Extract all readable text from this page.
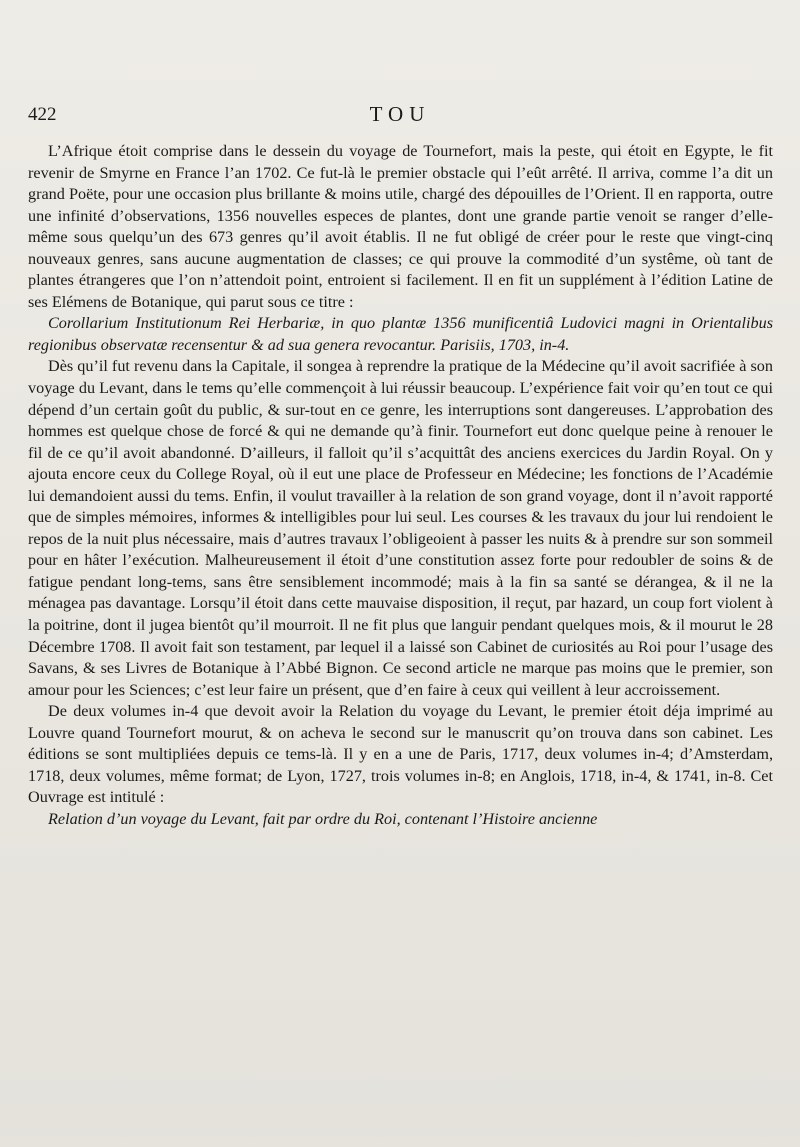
422	TOU

L’Afrique étoit comprise dans le dessein du voyage de Tournefort, mais la peste, qui étoit en Egypte, le fit revenir de Smyrne en France l’an 1702. Ce fut-là le premier obstacle qui l’eût arrêté. Il arriva, comme l’a dit un grand Poëte, pour une occasion plus brillante & moins utile, chargé des dépouilles de l’Orient. Il en rapporta, outre une infinité d’observations, 1356 nouvelles especes de plantes, dont une grande partie venoit se ranger d’elle-même sous quelqu’un des 673 genres qu’il avoit établis. Il ne fut obligé de créer pour le reste que vingt-cinq nouveaux genres, sans aucune augmentation de classes; ce qui prouve la commodité d’un systême, où tant de plantes étrangeres que l’on n’attendoit point, entroient si facilement. Il en fit un supplément à l’édition Latine de ses Elémens de Botanique, qui parut sous ce titre :

Corollarium Institutionum Rei Herbariæ, in quo plantæ 1356 munificentiâ Ludovici magni in Orientalibus regionibus observatæ recensentur & ad sua genera revocantur. Parisiis, 1703, in-4.

Dès qu’il fut revenu dans la Capitale, il songea à reprendre la pratique de la Médecine qu’il avoit sacrifiée à son voyage du Levant, dans le tems qu’elle commençoit à lui réussir beaucoup. L’expérience fait voir qu’en tout ce qui dépend d’un certain goût du public, & sur-tout en ce genre, les interruptions sont dangereuses. L’approbation des hommes est quelque chose de forcé & qui ne demande qu’à finir. Tournefort eut donc quelque peine à renouer le fil de ce qu’il avoit abandonné. D’ailleurs, il falloit qu’il s’acquittât des anciens exercices du Jardin Royal. On y ajouta encore ceux du College Royal, où il eut une place de Professeur en Médecine; les fonctions de l’Académie lui demandoient aussi du tems. Enfin, il voulut travailler à la relation de son grand voyage, dont il n’avoit rapporté que de simples mémoires, informes & intelligibles pour lui seul. Les courses & les travaux du jour lui rendoient le repos de la nuit plus nécessaire, mais d’autres travaux l’obligeoient à passer les nuits & à prendre sur son sommeil pour en hâter l’exécution. Malheureusement il étoit d’une constitution assez forte pour redoubler de soins & de fatigue pendant long-tems, sans être sensiblement incommodé; mais à la fin sa santé se dérangea, & il ne la ménagea pas davantage. Lorsqu’il étoit dans cette mauvaise disposition, il reçut, par hazard, un coup fort violent à la poitrine, dont il jugea bientôt qu’il mourroit. Il ne fit plus que languir pendant quelques mois, & il mourut le 28 Décembre 1708. Il avoit fait son testament, par lequel il a laissé son Cabinet de curiosités au Roi pour l’usage des Savans, & ses Livres de Botanique à l’Abbé Bignon. Ce second article ne marque pas moins que le premier, son amour pour les Sciences; c’est leur faire un présent, que d’en faire à ceux qui veillent à leur accroissement.

De deux volumes in-4 que devoit avoir la Relation du voyage du Levant, le premier étoit déja imprimé au Louvre quand Tournefort mourut, & on acheva le second sur le manuscrit qu’on trouva dans son cabinet. Les éditions se sont multipliées depuis ce tems-là. Il y en a une de Paris, 1717, deux volumes in-4; d’Amsterdam, 1718, deux volumes, même format; de Lyon, 1727, trois volumes in-8; en Anglois, 1718, in-4, & 1741, in-8. Cet Ouvrage est intitulé :

Relation d’un voyage du Levant, fait par ordre du Roi, contenant l’Histoire ancienne
